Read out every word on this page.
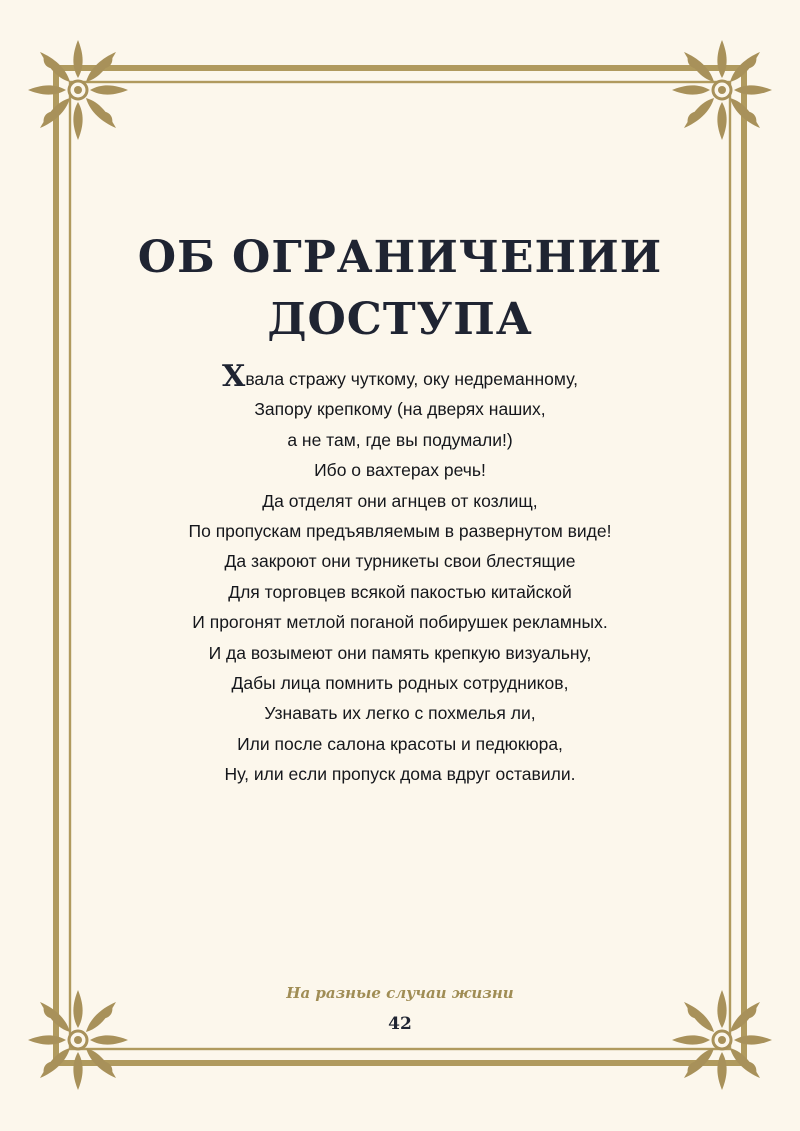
ОБ ОГРАНИЧЕНИИ
ДОСТУПА
Хвала стражу чуткому, оку недреманному,
Запору крепкому (на дверях наших,
а не там, где вы подумали!)
Ибо о вахтерах речь!
Да отделят они агнцев от козлищ,
По пропускам предъявляемым в развернутом виде!
Да закроют они турникеты свои блестящие
Для торговцев всякой пакостью китайской
И прогонят метлой поганой побирушек рекламных.
И да возымеют они память крепкую визуальну,
Дабы лица помнить родных сотрудников,
Узнавать их легко с похмелья ли,
Или после салона красоты и педюкюра,
Ну, или если пропуск дома вдруг оставили.
На разные случаи жизни
42
